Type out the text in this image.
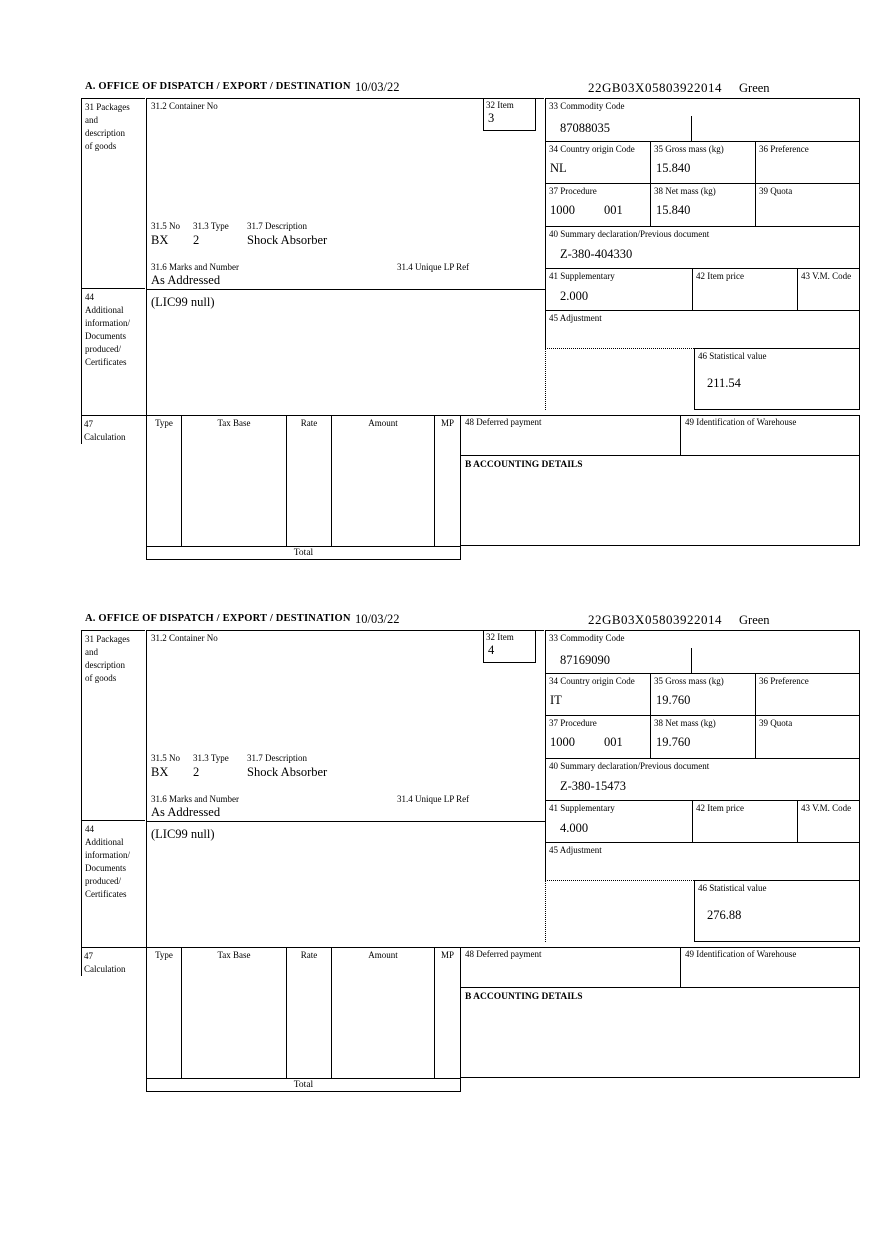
A. OFFICE OF DISPATCH / EXPORT / DESTINATION 10/03/22	22GB03X05803922014 Green
31 Packages
and
description
of goods
44
Additional
information/
Documents
produced/
Certificates
31.2 Container No	32 Item
3
31.5 No 31.3 Type 31.7 Description
BX 2	Shock Absorber
31.6 Marks and Number	31.4 Unique LP Ref
As Addressed
(LIC99 null)
33 Commodity Code
87088035
34 Country origin Code
NL
35 Gross mass (kg)
15.840
36 Preference
37 Procedure
1000 001
38 Net mass (kg)
15.840
39 Quota
40 Summary declaration/Previous document
Z-380-404330
41 Supplementary
2.000
42 Item price	43 V.M. Code
45 Adjustment
46 Statistical value
211.54
47
Calculation
Type	Tax Base	Rate	Amount	MP
Total
48 Deferred payment	49 Identification of Warehouse
B ACCOUNTING DETAILS
A. OFFICE OF DISPATCH / EXPORT / DESTINATION 10/03/22	22GB03X05803922014 Green
31 Packages
and
description
of goods
44
Additional
information/
Documents
produced/
Certificates
31.2 Container No	32 Item
4
31.5 No 31.3 Type 31.7 Description
BX 2	Shock Absorber
31.6 Marks and Number	31.4 Unique LP Ref
As Addressed
(LIC99 null)
33 Commodity Code
87169090
34 Country origin Code
IT
35 Gross mass (kg)
19.760
36 Preference
37 Procedure
1000 001
38 Net mass (kg)
19.760
39 Quota
40 Summary declaration/Previous document
Z-380-15473
41 Supplementary
4.000
42 Item price	43 V.M. Code
45 Adjustment
46 Statistical value
276.88
47
Calculation
Type	Tax Base	Rate	Amount	MP
Total
48 Deferred payment	49 Identification of Warehouse
B ACCOUNTING DETAILS
